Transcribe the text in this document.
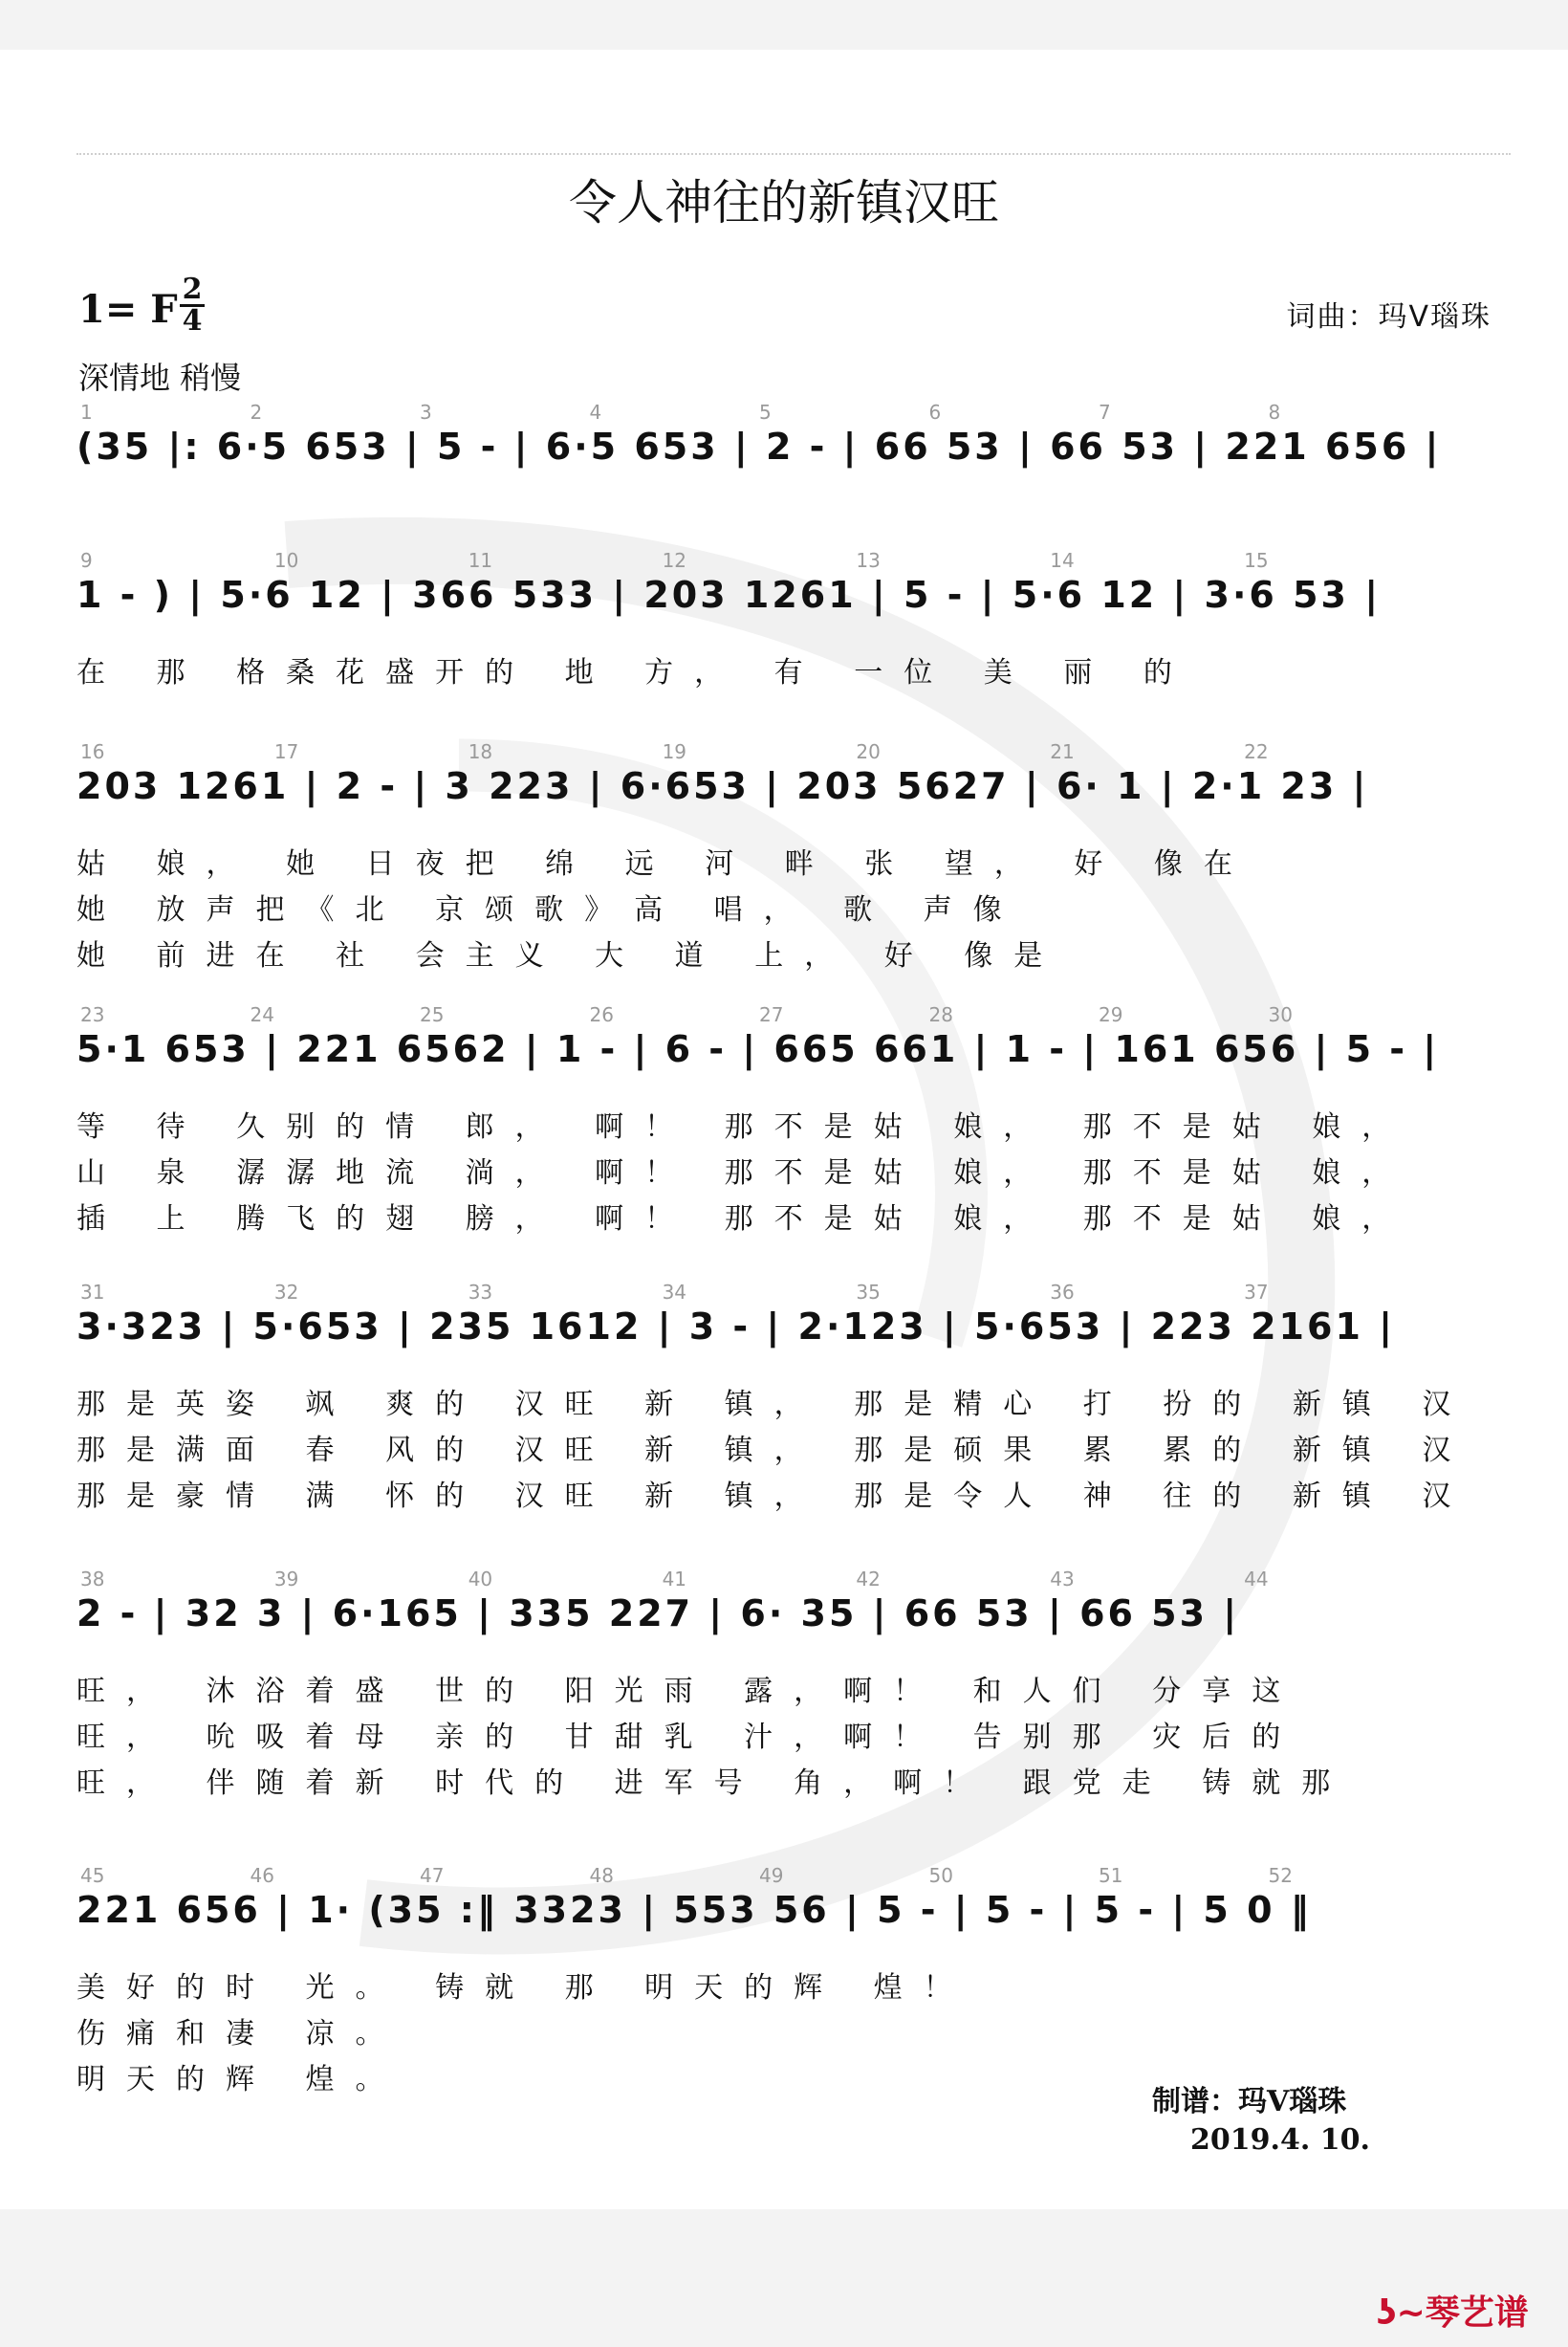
令人神往的新镇汉旺
1= F 2
4	词曲：玛V瑙珠
深情地 稍慢
1	2	3	4	5	6	7	8
(35 |: 6·5 653 | 5 - | 6·5 653 | 2 - | 66 53 | 66 53 | 221 656 |
9	10	11	12	13	14	15
1 - ) | 5·6 12 | 366 533 | 203 1261 | 5 - | 5·6 12 | 3·6 53 |
在 那 格桑花盛开的 地 方， 有 一位 美 丽 的
16	17	18	19	20	21	22
203 1261 | 2 - | 3 223 | 6·653 | 203 5627 | 6· 1 | 2·1 23 |
姑 娘， 她 日夜把 绵 远 河 畔 张 望， 好 像在
她 放声把《北 京颂歌》高 唱， 歌 声像
她 前进在 社 会主义 大 道 上， 好 像是
23	24	25	26	27	28	29	30
5·1 653 | 221 6562 | 1 - | 6 - | 665 661 | 1 - | 161 656 | 5 - |
等 待 久别的情 郎， 啊！ 那不是姑 娘， 那不是姑 娘，
山 泉 潺潺地流 淌， 啊！ 那不是姑 娘， 那不是姑 娘，
插 上 腾飞的翅 膀， 啊！ 那不是姑 娘， 那不是姑 娘，
31	32	33	34	35	36	37
3·323 | 5·653 | 235 1612 | 3 - | 2·123 | 5·653 | 223 2161 |
那是英姿 飒 爽的 汉旺 新 镇， 那是精心 打 扮的 新镇 汉
那是满面 春 风的 汉旺 新 镇， 那是硕果 累 累的 新镇 汉
那是豪情 满 怀的 汉旺 新 镇， 那是令人 神 往的 新镇 汉
38	39	40	41	42	43	44
2 - | 32 3 | 6·165 | 335 227 | 6· 35 | 66 53 | 66 53 |
旺， 沐浴着盛 世的 阳光雨 露，啊！ 和人们 分享这
旺， 吮吸着母 亲的 甘甜乳 汁，啊！ 告别那 灾后的
旺， 伴随着新 时代的 进军号 角，啊！ 跟党走 铸就那
45	46	47	48	49	50	51	52
221 656 | 1· (35 :‖ 3323 | 553 56 | 5 - | 5 - | 5 - | 5 0 ‖
美好的时 光。 铸就 那 明天的辉 煌！
伤痛和凄 凉。
明天的辉 煌。
制谱：玛V瑙珠
2019.4. 10.
ʖ~琴艺谱
